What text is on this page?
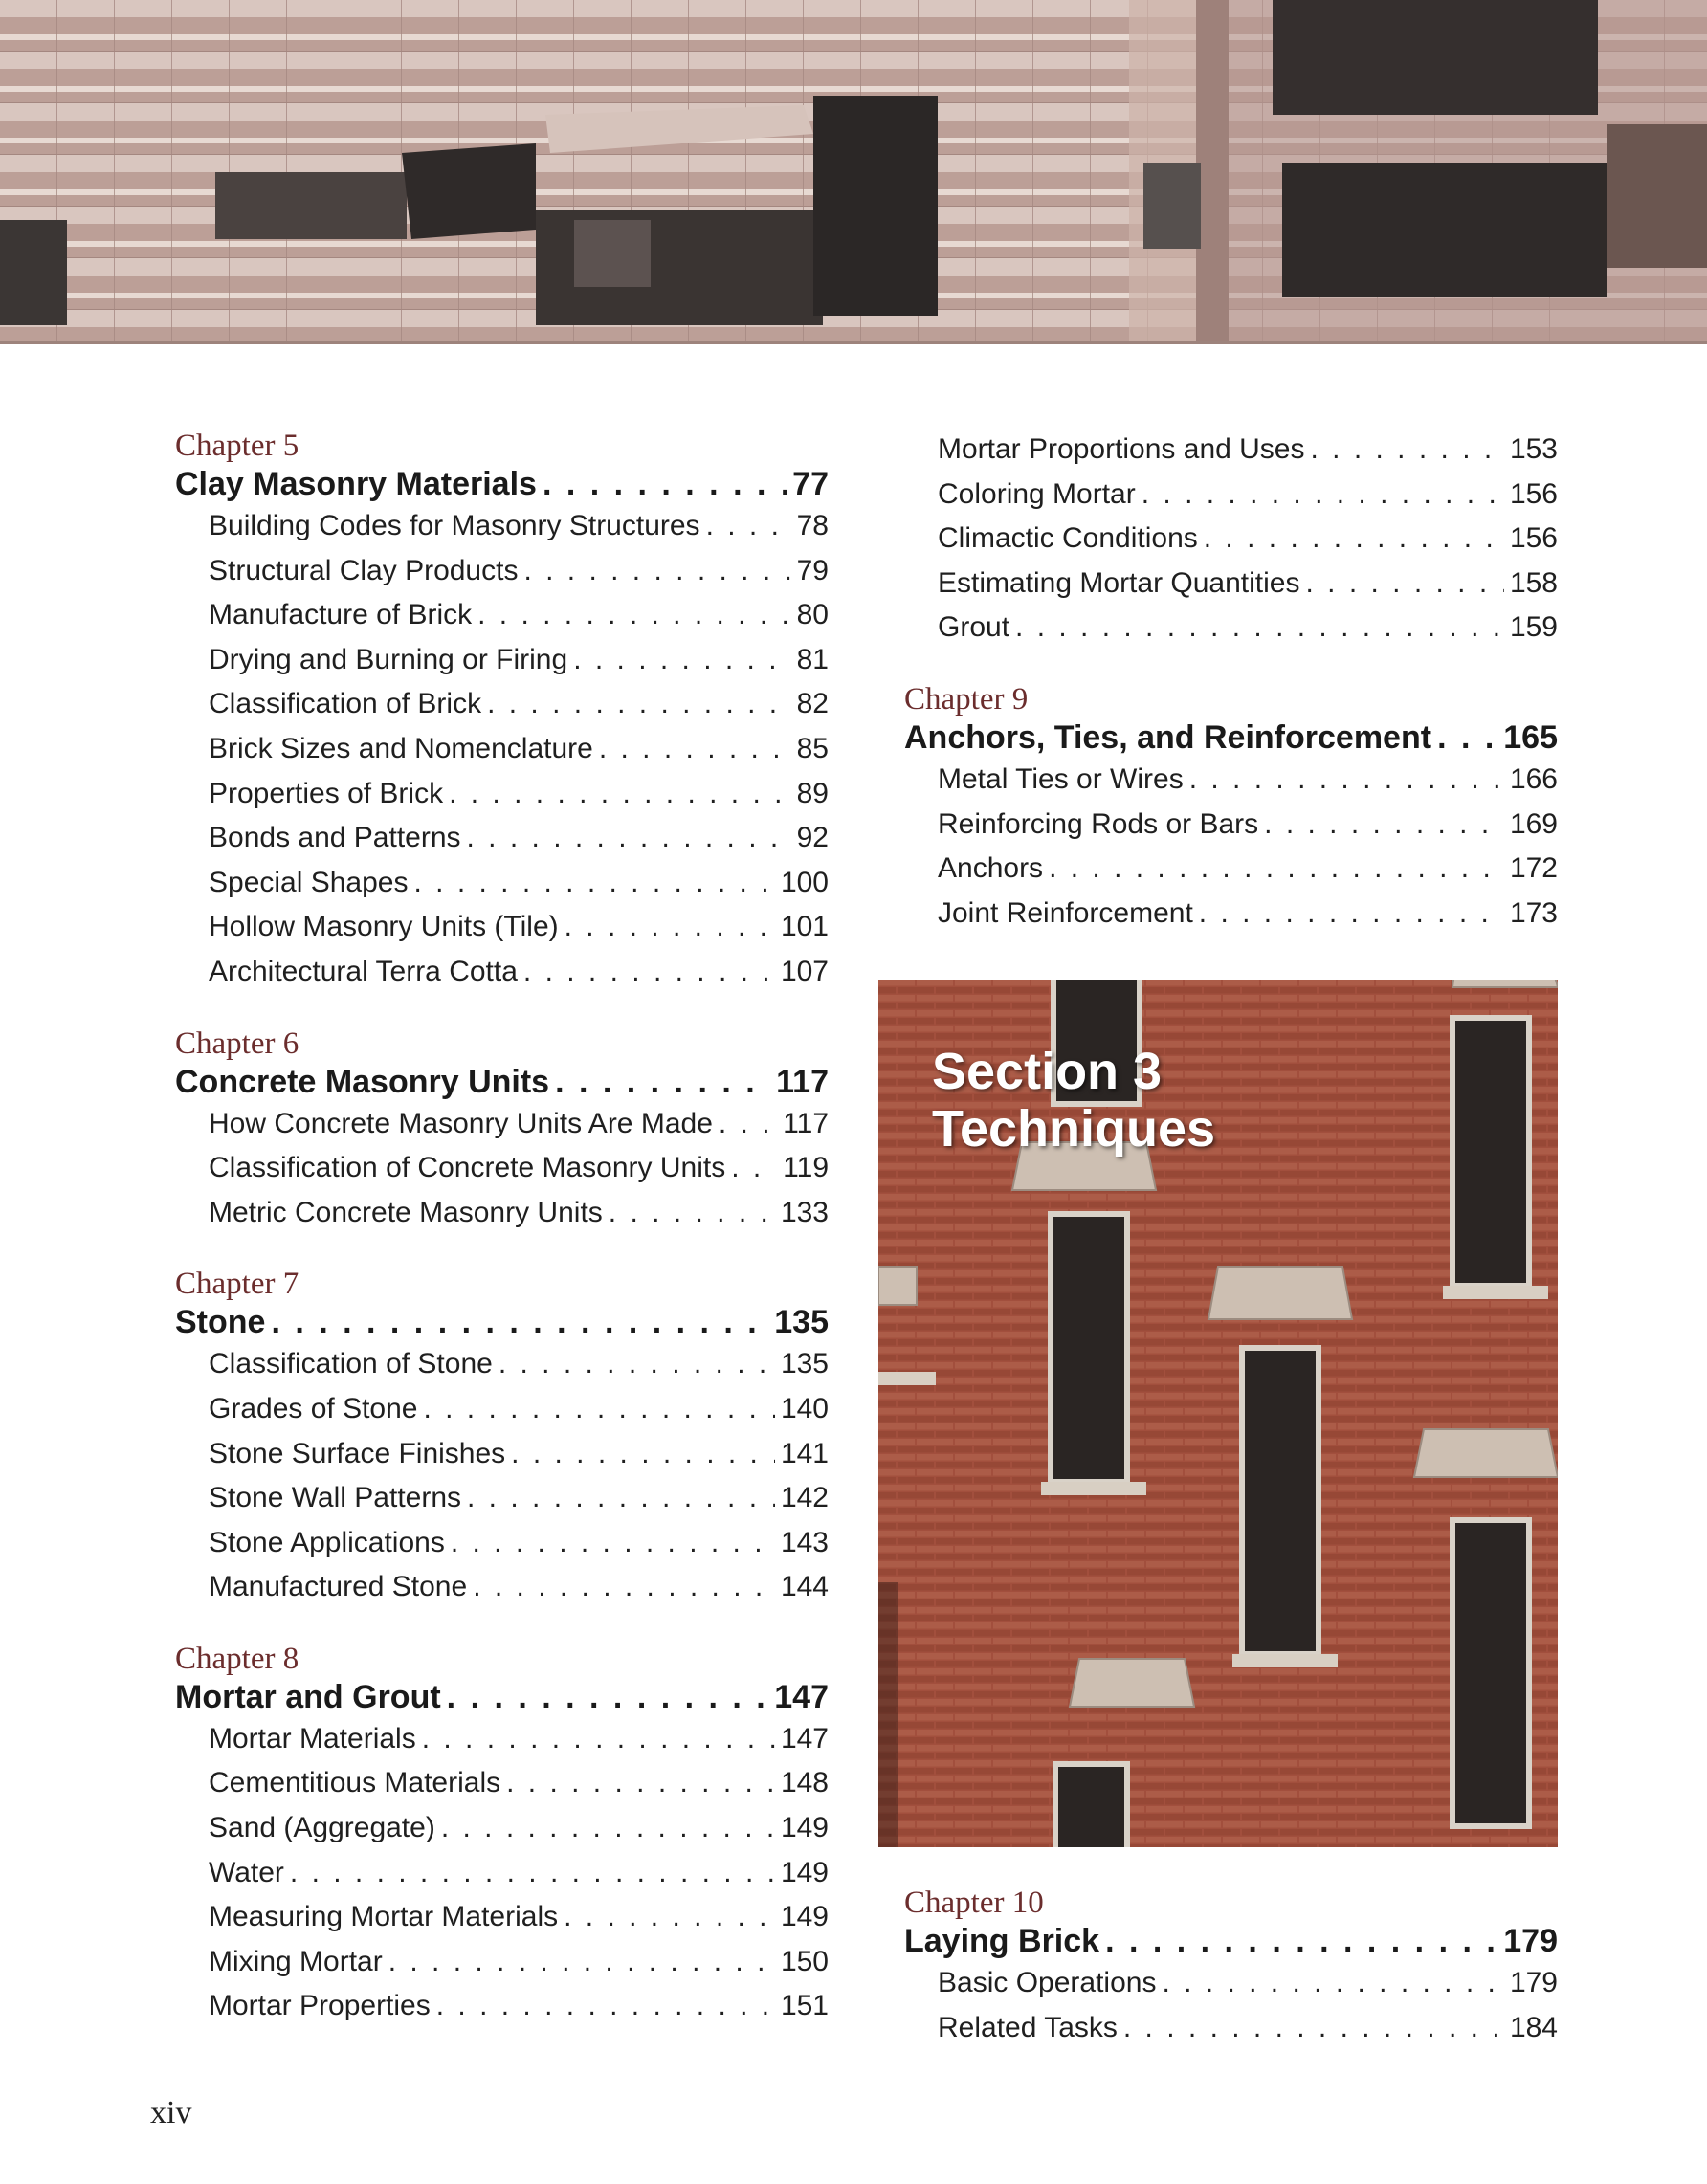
Chapter 5
Clay Masonry Materials . . .	77
Building Codes for Masonry Structures . . .	78
Structural Clay Products . . .	79
Manufacture of Brick . . .	80
Drying and Burning or Firing . . .	81
Classification of Brick . . .	82
Brick Sizes and Nomenclature . . .	85
Properties of Brick . . .	89
Bonds and Patterns . . .	92
Special Shapes . . .	100
Hollow Masonry Units (Tile) . . .	101
Architectural Terra Cotta . . .	107
Chapter 6
Concrete Masonry Units . . .	117
How Concrete Masonry Units Are Made . . . 117
Classification of Concrete Masonry Units . . . 119
Metric Concrete Masonry Units . . .	133
Chapter 7
Stone . . .	135
Classification of Stone . . .	135
Grades of Stone . . .	140
Stone Surface Finishes . . .	141
Stone Wall Patterns . . .	142
Stone Applications . . .	143
Manufactured Stone . . .	144
Chapter 8
Mortar and Grout . . .	147
Mortar Materials . . .	147
Cementitious Materials . . .	148
Sand (Aggregate) . . .	149
Water . . .	149
Measuring Mortar Materials . . .	149
Mixing Mortar . . .	150
Mortar Properties . . .	151
Mortar Proportions and Uses . . .	153
Coloring Mortar . . .	156
Climactic Conditions . . .	156
Estimating Mortar Quantities . . .	158
Grout . . .	159
Chapter 9
Anchors, Ties, and Reinforcement . . . 165
Metal Ties or Wires . . .	166
Reinforcing Rods or Bars . . .	169
Anchors . . .	172
Joint Reinforcement . . .	173
Section 3
Techniques
Chapter 10
Laying Brick . . .	179
Basic Operations . . .	179
Related Tasks . . .	184
xiv
